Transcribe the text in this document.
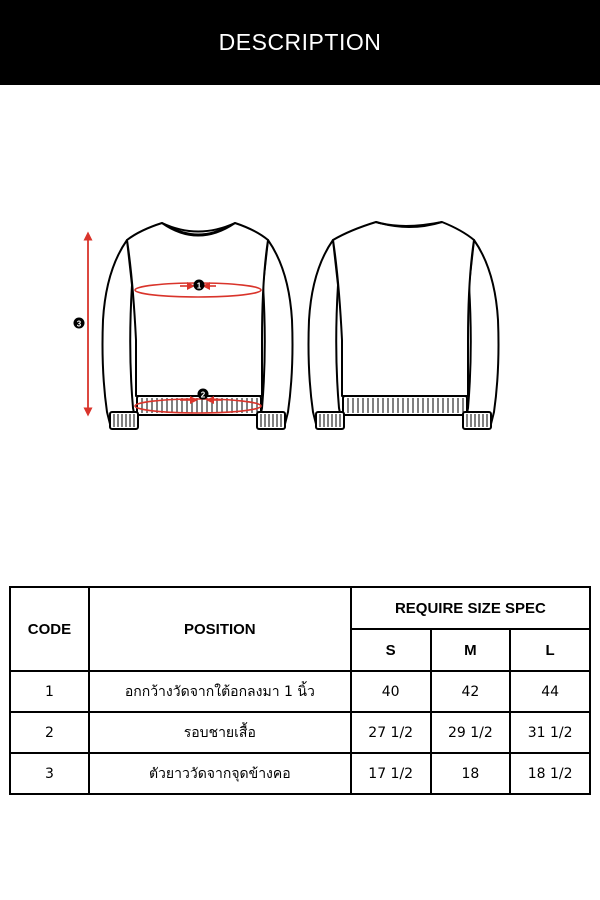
DESCRIPTION
1
2
3
CODE	POSITION	REQUIRE SIZE SPEC		
		S	M	L
1	อกกว้างวัดจากใต้อกลงมา 1 นิ้ว	40	42	44
2	รอบชายเสื้อ	27 1/2	29 1/2	31 1/2
3	ตัวยาววัดจากจุดข้างคอ	17 1/2	18	18 1/2
